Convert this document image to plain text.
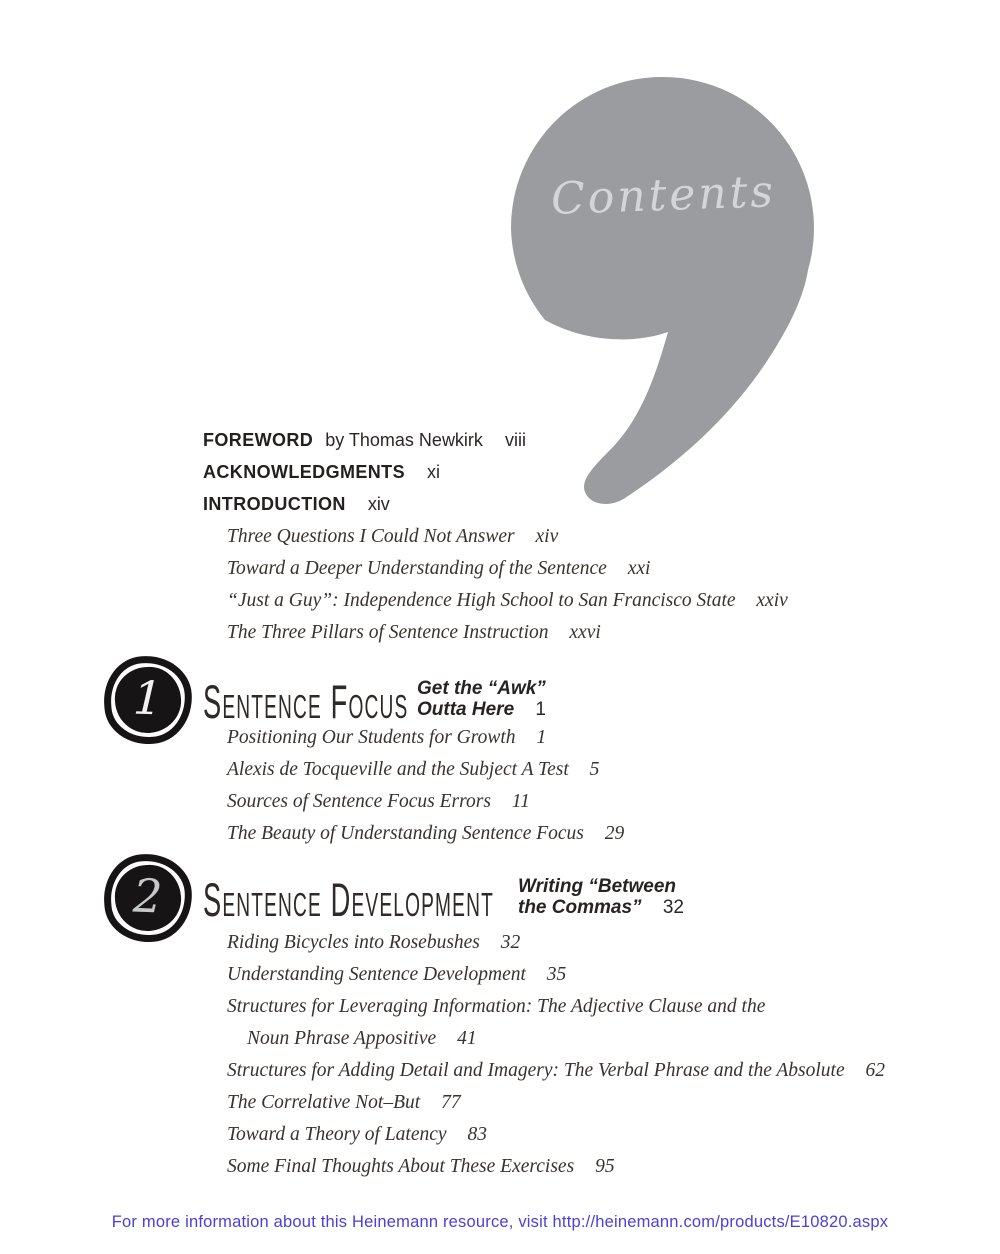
Contents
FOREWORD by Thomas Newkirk viii
ACKNOWLEDGMENTS xi
INTRODUCTION xiv
Three Questions I Could Not Answer xiv
Toward a Deeper Understanding of the Sentence xxi
“Just a Guy”: Independence High School to San Francisco State xxiv
The Three Pillars of Sentence Instruction xxvi
1 Sentence Focus Get the “Awk”
Outta Here 1
Positioning Our Students for Growth 1
Alexis de Tocqueville and the Subject A Test 5
Sources of Sentence Focus Errors 11
The Beauty of Understanding Sentence Focus 29
2 Sentence Development Writing “Between
the Commas” 32
Riding Bicycles into Rosebushes 32
Understanding Sentence Development 35
Structures for Leveraging Information: The Adjective Clause and the
Noun Phrase Appositive 41
Structures for Adding Detail and Imagery: The Verbal Phrase and the Absolute 62
The Correlative Not–But 77
Toward a Theory of Latency 83
Some Final Thoughts About These Exercises 95
For more information about this Heinemann resource, visit http://heinemann.com/products/E10820.aspx
